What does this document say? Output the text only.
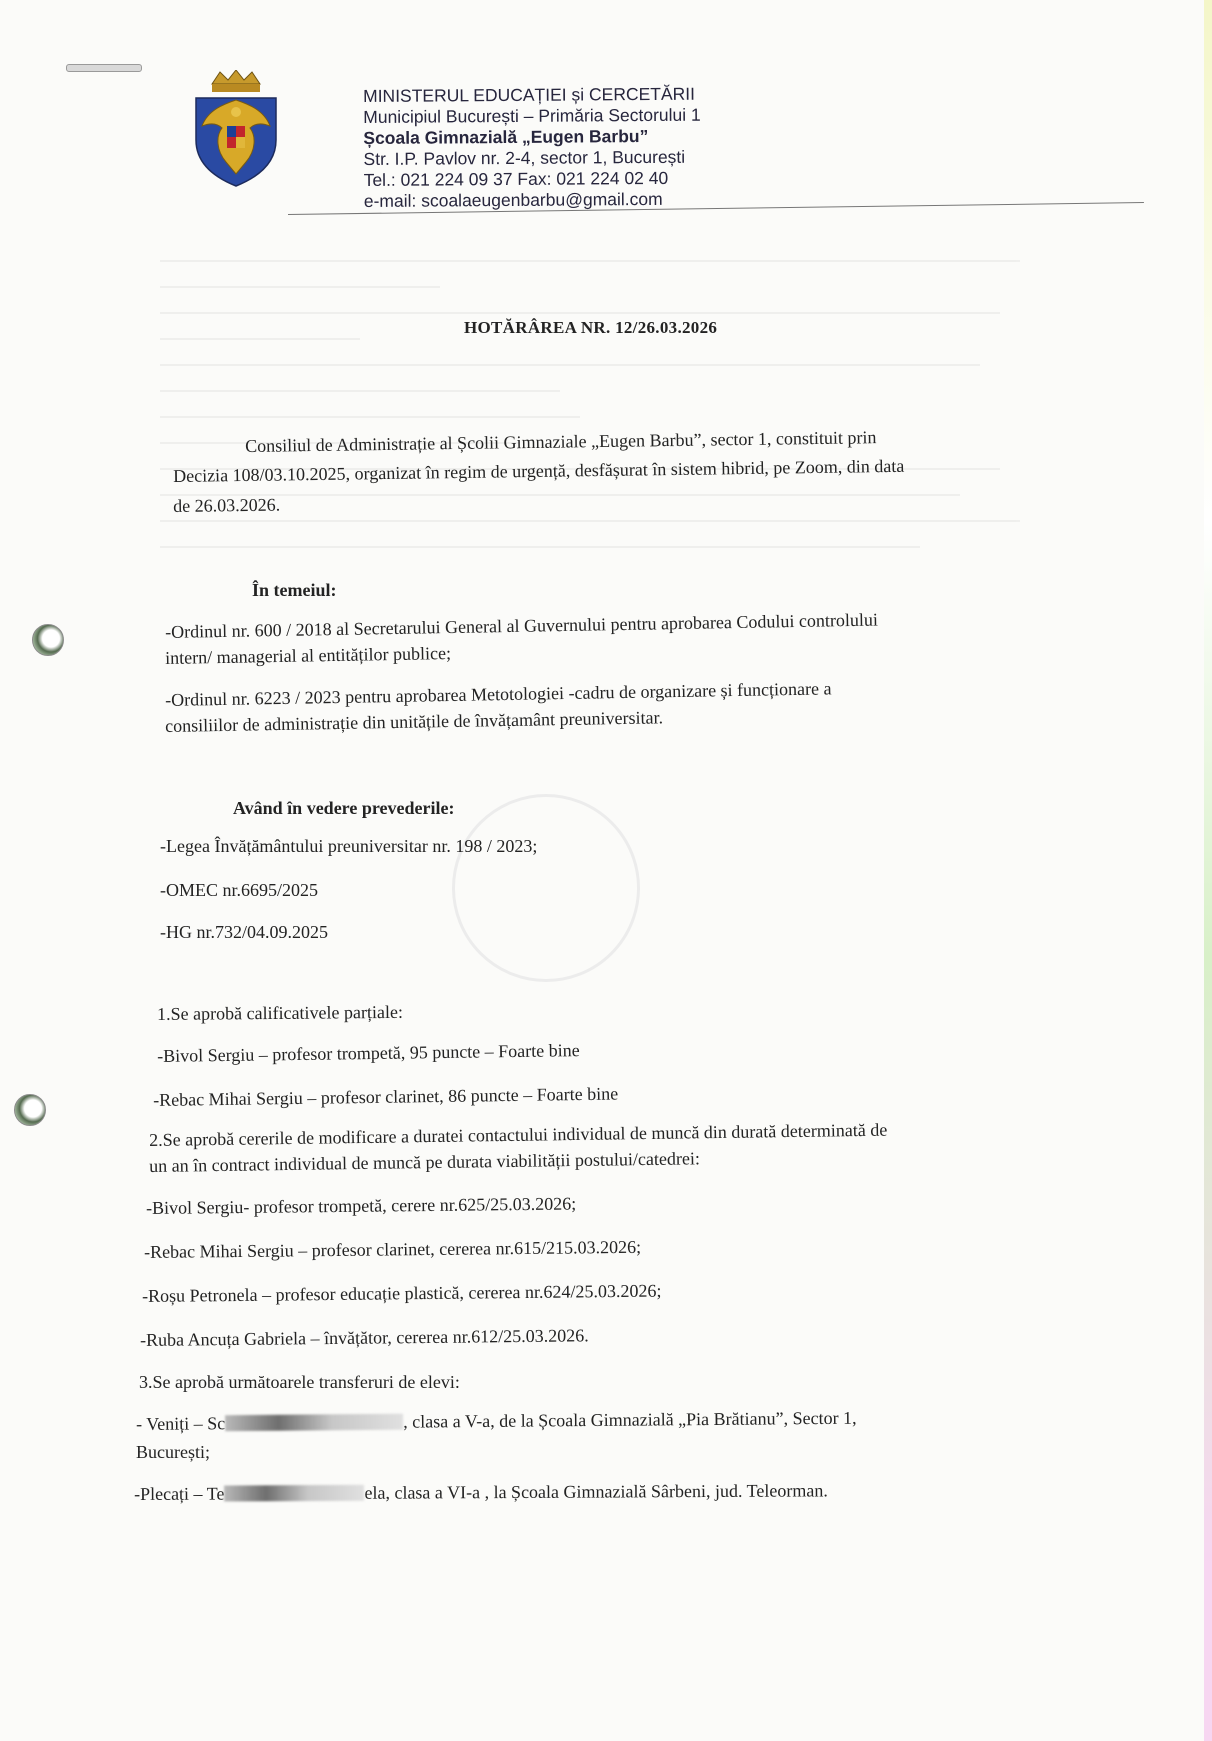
MINISTERUL EDUCAȚIEI și CERCETĂRII
Municipiul București – Primăria Sectorului 1
Școala Gimnazială „Eugen Barbu”
Str. I.P. Pavlov nr. 2-4, sector 1, București
Tel.: 021 224 09 37 Fax: 021 224 02 40
e-mail: scoalaeugenbarbu@gmail.com
HOTĂRÂREA NR. 12/26.03.2026
Consiliul de Administrație al Școlii Gimnaziale „Eugen Barbu”, sector 1, constituit prin
Decizia 108/03.10.2025, organizat în regim de urgență, desfășurat în sistem hibrid, pe Zoom, din data
de 26.03.2026.
În temeiul:
-Ordinul nr. 600 / 2018 al Secretarului General al Guvernului pentru aprobarea Codului controlului
intern/ managerial al entităților publice;
-Ordinul nr. 6223 / 2023 pentru aprobarea Metotologiei -cadru de organizare și funcționare a
consiliilor de administrație din unitățile de învățamânt preuniversitar.
Având în vedere prevederile:
-Legea Învățământului preuniversitar nr. 198 / 2023;
-OMEC nr.6695/2025
-HG nr.732/04.09.2025
1.Se aprobă calificativele parțiale:
-Bivol Sergiu – profesor trompetă, 95 puncte – Foarte bine
-Rebac Mihai Sergiu – profesor clarinet, 86 puncte – Foarte bine
2.Se aprobă cererile de modificare a duratei contactului individual de muncă din durată determinată de
un an în contract individual de muncă pe durata viabilității postului/catedrei:
-Bivol Sergiu- profesor trompetă, cerere nr.625/25.03.2026;
-Rebac Mihai Sergiu – profesor clarinet, cererea nr.615/215.03.2026;
-Roșu Petronela – profesor educație plastică, cererea nr.624/25.03.2026;
-Ruba Ancuța Gabriela – învățător, cererea nr.612/25.03.2026.
3.Se aprobă următoarele transferuri de elevi:
- Veniți – Sc	, clasa a V-a, de la Școala Gimnazială „Pia Brătianu”, Sector 1,
București;
-Plecați – Te	ela, clasa a VI-a , la Școala Gimnazială Sârbeni, jud. Teleorman.
